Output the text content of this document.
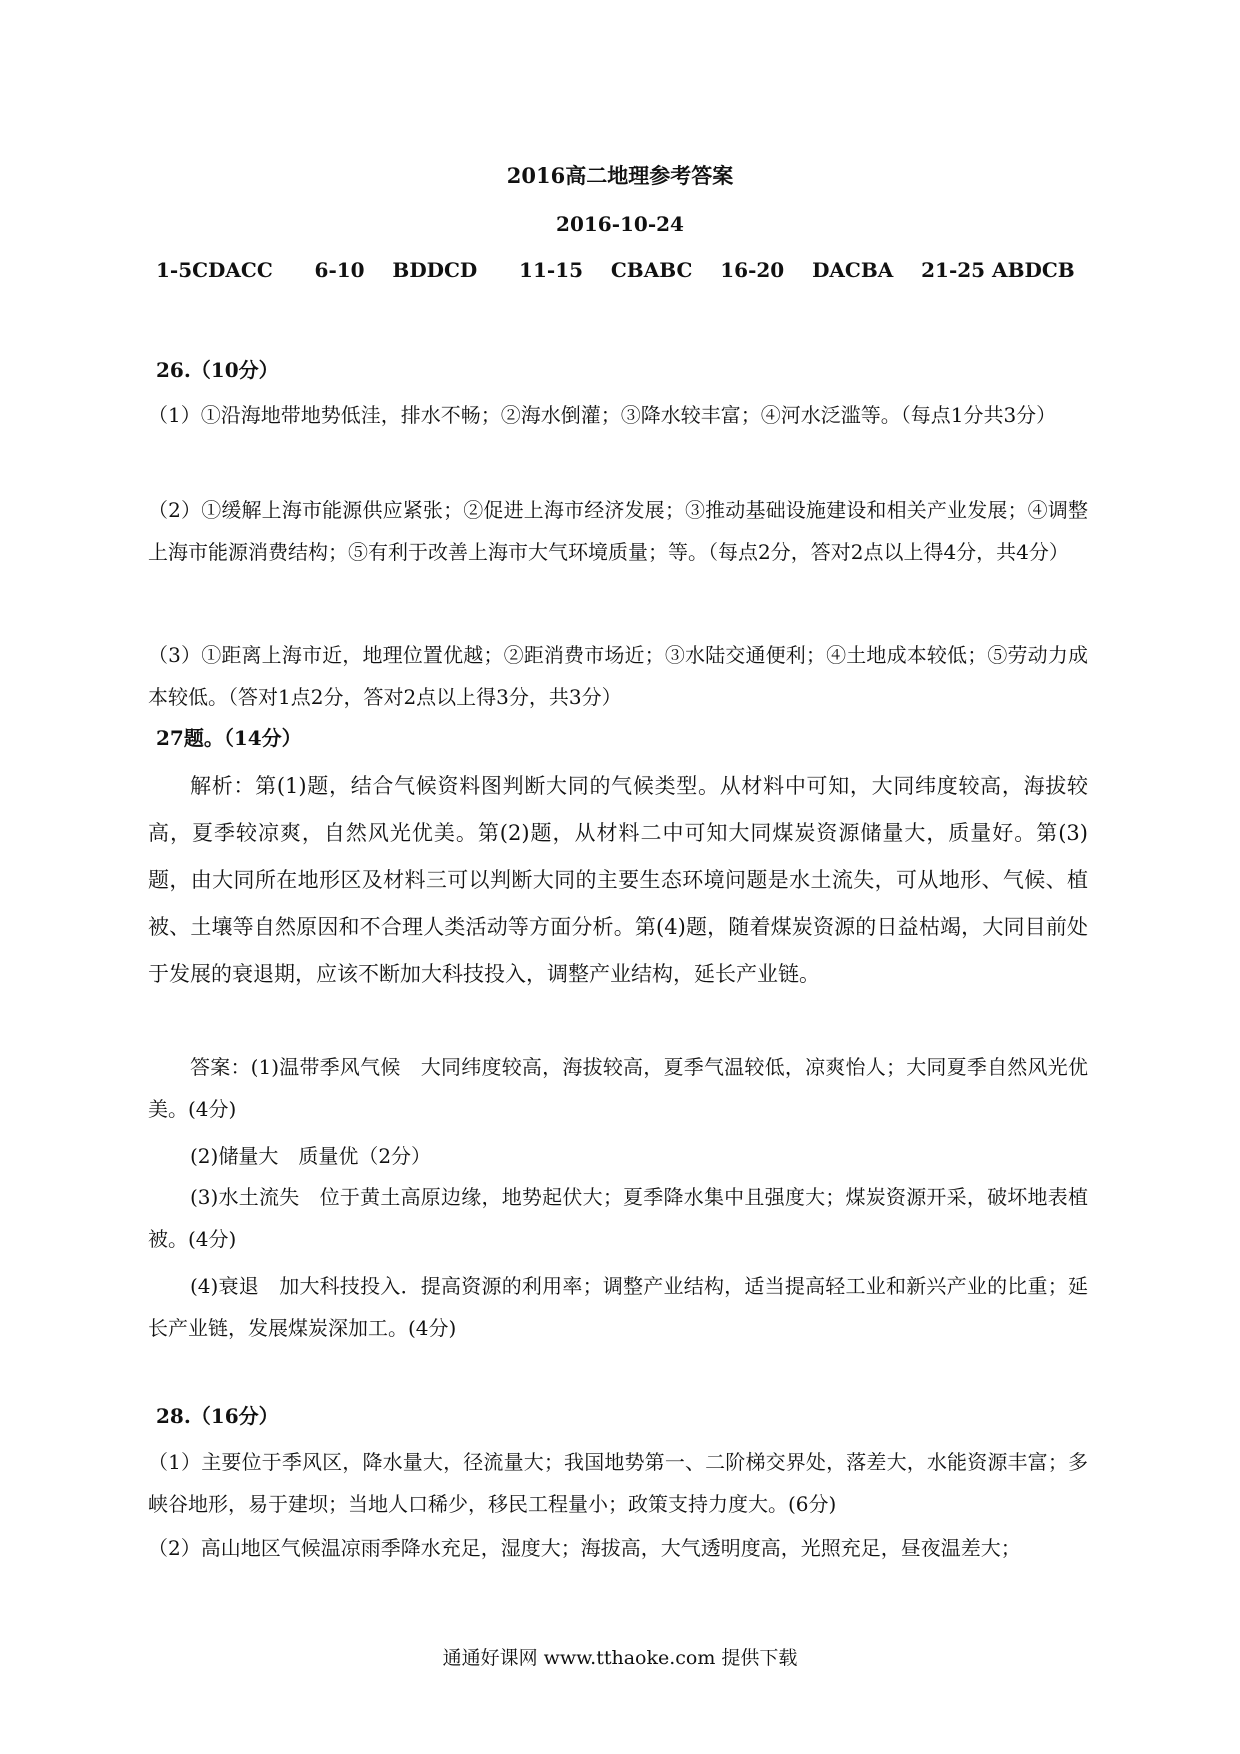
2016高二地理参考答案
2016-10-24
1-5CDACC      6-10    BDDCD      11-15    CBABC    16-20    DACBA    21-25 ABDCB
26.（10分）
（1）①沿海地带地势低洼，排水不畅；②海水倒灌；③降水较丰富；④河水泛滥等。（每点1分共3分）
（2）①缓解上海市能源供应紧张；②促进上海市经济发展；③推动基础设施建设和相关产业发展；④调整上海市能源消费结构；⑤有利于改善上海市大气环境质量；等。（每点2分，答对2点以上得4分，共4分）
（3）①距离上海市近，地理位置优越；②距消费市场近；③水陆交通便利；④土地成本较低；⑤劳动力成本较低。（答对1点2分，答对2点以上得3分，共3分）
27题。（14分）
解析：第(1)题，结合气候资料图判断大同的气候类型。从材料中可知，大同纬度较高，海拔较高，夏季较凉爽，自然风光优美。第(2)题，从材料二中可知大同煤炭资源储量大，质量好。第(3)题，由大同所在地形区及材料三可以判断大同的主要生态环境问题是水土流失，可从地形、气候、植被、土壤等自然原因和不合理人类活动等方面分析。第(4)题，随着煤炭资源的日益枯竭，大同目前处于发展的衰退期，应该不断加大科技投入，调整产业结构，延长产业链。
答案：(1)温带季风气候　大同纬度较高，海拔较高，夏季气温较低，凉爽怡人；大同夏季自然风光优美。(4分)
(2)储量大　质量优（2分）
(3)水土流失　位于黄土高原边缘，地势起伏大；夏季降水集中且强度大；煤炭资源开采，破坏地表植被。(4分)
(4)衰退　加大科技投入．提高资源的利用率；调整产业结构，适当提高轻工业和新兴产业的比重；延长产业链，发展煤炭深加工。(4分)
28.（16分）
（1）主要位于季风区，降水量大，径流量大；我国地势第一、二阶梯交界处，落差大，水能资源丰富；多峡谷地形，易于建坝；当地人口稀少，移民工程量小；政策支持力度大。(6分)
（2）高山地区气候温凉雨季降水充足，湿度大；海拔高，大气透明度高，光照充足，昼夜温差大；
通通好课网 www.tthaoke.com 提供下载
